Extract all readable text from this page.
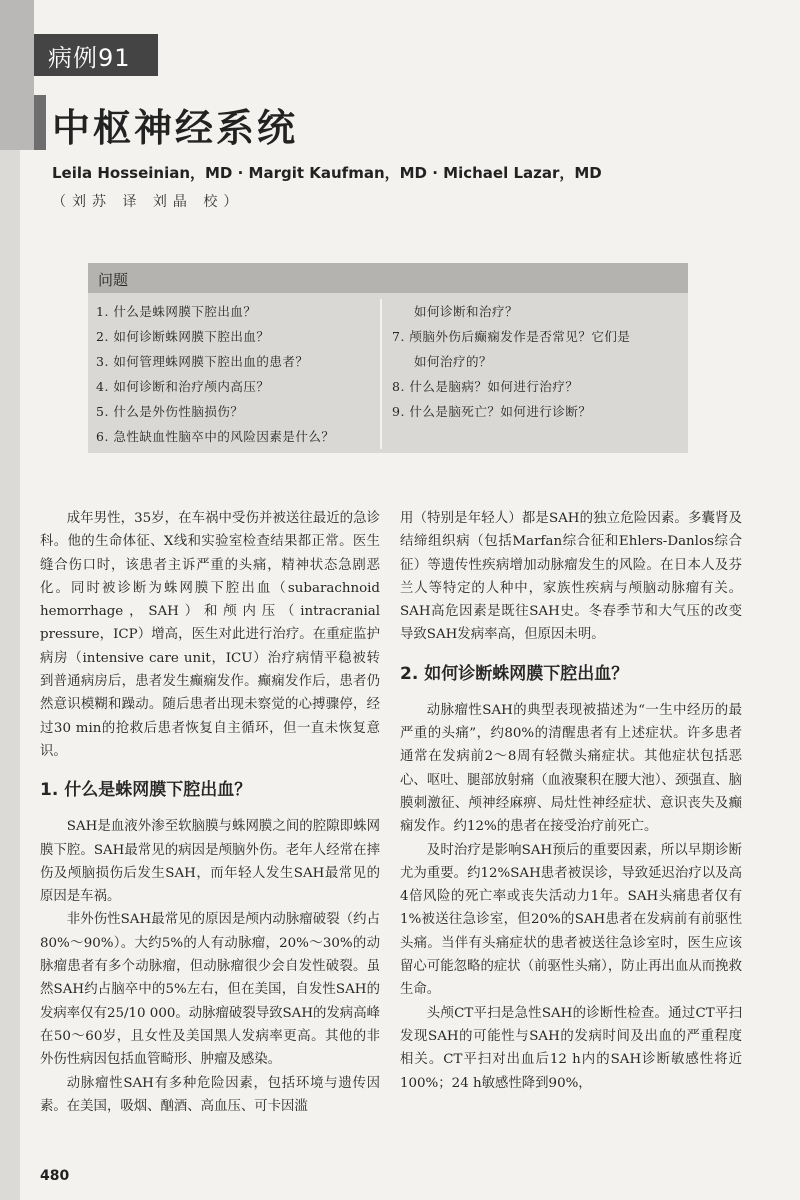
病例91
中枢神经系统
Leila Hosseinian，MD · Margit Kaufman，MD · Michael Lazar，MD
（刘苏 译 刘晶 校）
问题

1. 什么是蛛网膜下腔出血？

2. 如何诊断蛛网膜下腔出血？

3. 如何管理蛛网膜下腔出血的患者？

4. 如何诊断和治疗颅内高压？

5. 什么是外伤性脑损伤？

6. 急性缺血性脑卒中的风险因素是什么？

如何诊断和治疗？

7. 颅脑外伤后癫痫发作是否常见？它们是

如何治疗的？

8. 什么是脑病？如何进行治疗？

9. 什么是脑死亡？如何进行诊断？

成年男性，35岁，在车祸中受伤并被送往最近的急诊科。他的生命体征、X线和实验室检查结果都正常。医生缝合伤口时，该患者主诉严重的头痛，精神状态急剧恶化。同时被诊断为蛛网膜下腔出血（subarachnoid hemorrhage，SAH）和颅内压（intracranial pressure，ICP）增高，医生对此进行治疗。在重症监护病房（intensive care unit，ICU）治疗病情平稳被转到普通病房后，患者发生癫痫发作。癫痫发作后，患者仍然意识模糊和躁动。随后患者出现未察觉的心搏骤停，经过30 min的抢救后患者恢复自主循环，但一直未恢复意识。

1. 什么是蛛网膜下腔出血？

SAH是血液外渗至软脑膜与蛛网膜之间的腔隙即蛛网膜下腔。SAH最常见的病因是颅脑外伤。老年人经常在摔伤及颅脑损伤后发生SAH，而年轻人发生SAH最常见的原因是车祸。

非外伤性SAH最常见的原因是颅内动脉瘤破裂（约占80%～90%）。大约5%的人有动脉瘤，20%～30%的动脉瘤患者有多个动脉瘤，但动脉瘤很少会自发性破裂。虽然SAH约占脑卒中的5%左右，但在美国，自发性SAH的发病率仅有25/10 000。动脉瘤破裂导致SAH的发病高峰在50～60岁，且女性及美国黑人发病率更高。其他的非外伤性病因包括血管畸形、肿瘤及感染。

动脉瘤性SAH有多种危险因素，包括环境与遗传因素。在美国，吸烟、酗酒、高血压、可卡因滥

用（特别是年轻人）都是SAH的独立危险因素。多囊肾及结缔组织病（包括Marfan综合征和Ehlers-Danlos综合征）等遗传性疾病增加动脉瘤发生的风险。在日本人及芬兰人等特定的人种中，家族性疾病与颅脑动脉瘤有关。SAH高危因素是既往SAH史。冬春季节和大气压的改变导致SAH发病率高，但原因未明。

2. 如何诊断蛛网膜下腔出血？

动脉瘤性SAH的典型表现被描述为“一生中经历的最严重的头痛”，约80%的清醒患者有上述症状。许多患者通常在发病前2～8周有轻微头痛症状。其他症状包括恶心、呕吐、腿部放射痛（血液聚积在腰大池）、颈强直、脑膜刺激征、颅神经麻痹、局灶性神经症状、意识丧失及癫痫发作。约12%的患者在接受治疗前死亡。

及时治疗是影响SAH预后的重要因素，所以早期诊断尤为重要。约12%SAH患者被误诊，导致延迟治疗以及高4倍风险的死亡率或丧失活动力1年。SAH头痛患者仅有1%被送往急诊室，但20%的SAH患者在发病前有前驱性头痛。当伴有头痛症状的患者被送往急诊室时，医生应该留心可能忽略的症状（前驱性头痛），防止再出血从而挽救生命。

头颅CT平扫是急性SAH的诊断性检查。通过CT平扫发现SAH的可能性与SAH的发病时间及出血的严重程度相关。CT平扫对出血后12 h内的SAH诊断敏感性将近100%；24 h敏感性降到90%，

480
